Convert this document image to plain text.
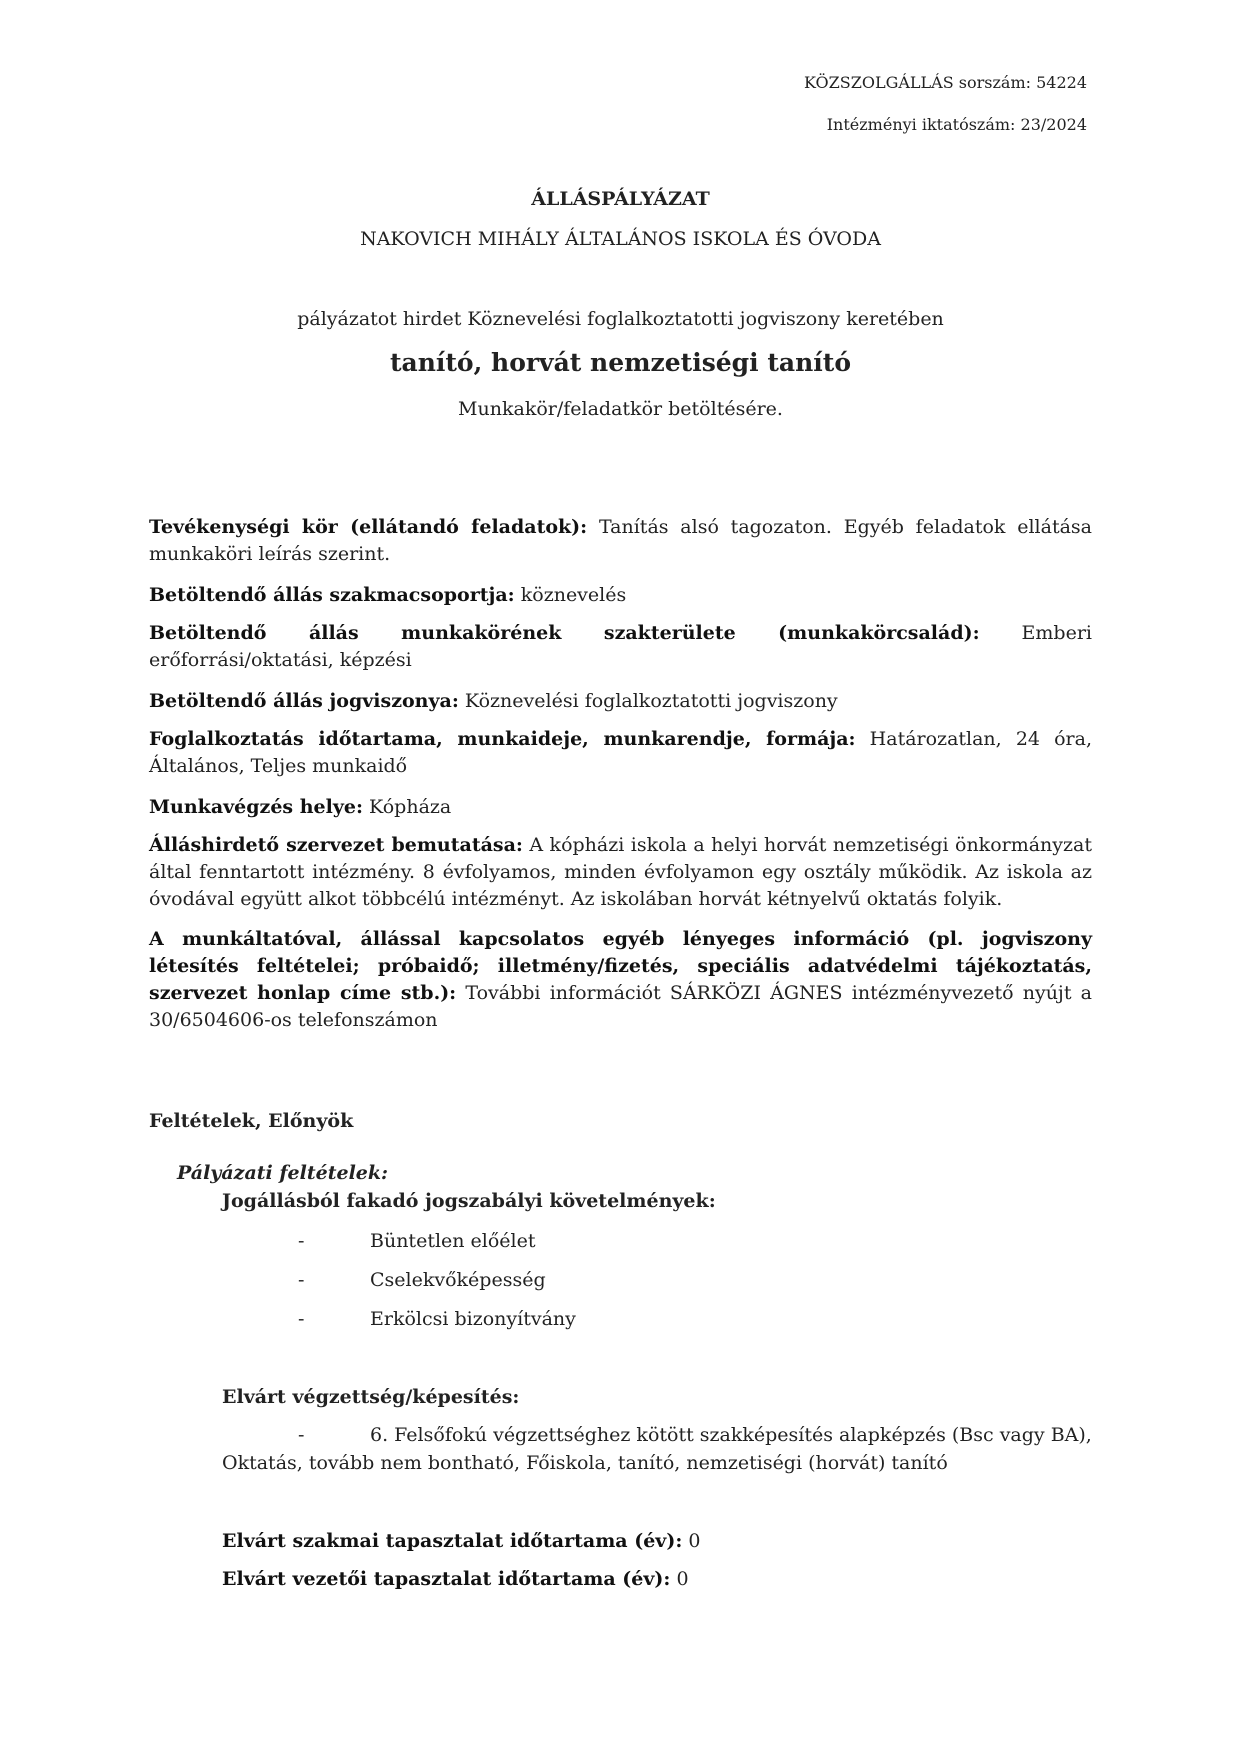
KÖZSZOLGÁLLÁS sorszám: 54224
Intézményi iktatószám: 23/2024
ÁLLÁSPÁLYÁZAT
NAKOVICH MIHÁLY ÁLTALÁNOS ISKOLA ÉS ÓVODA
pályázatot hirdet Köznevelési foglalkoztatotti jogviszony keretében
tanító, horvát nemzetiségi tanító
Munkakör/feladatkör betöltésére.
Tevékenységi kör (ellátandó feladatok): Tanítás alsó tagozaton. Egyéb feladatok ellátása munkaköri leírás szerint.
Betöltendő állás szakmacsoportja: köznevelés
Betöltendő állás munkakörének szakterülete (munkakörcsalád): Emberi erőforrási/oktatási, képzési
Betöltendő állás jogviszonya: Köznevelési foglalkoztatotti jogviszony
Foglalkoztatás időtartama, munkaideje, munkarendje, formája: Határozatlan, 24 óra, Általános, Teljes munkaidő
Munkavégzés helye: Kópháza
Álláshirdető szervezet bemutatása: A kópházi iskola a helyi horvát nemzetiségi önkormányzat által fenntartott intézmény. 8 évfolyamos, minden évfolyamon egy osztály működik. Az iskola az óvodával együtt alkot többcélú intézményt. Az iskolában horvát kétnyelvű oktatás folyik.
A munkáltatóval, állással kapcsolatos egyéb lényeges információ (pl. jogviszony létesítés feltételei; próbaidő; illetmény/fizetés, speciális adatvédelmi tájékoztatás, szervezet honlap címe stb.): További információt SÁRKÖZI ÁGNES intézményvezető nyújt a 30/6504606-os telefonszámon
Feltételek, Előnyök
Pályázati feltételek:
Jogállásból fakadó jogszabályi követelmények:
-	Büntetlen előélet
-	Cselekvőképesség
-	Erkölcsi bizonyítvány
Elvárt végzettség/képesítés:
-	6. Felsőfokú végzettséghez kötött szakképesítés alapképzés (Bsc vagy BA),
Oktatás, tovább nem bontható, Főiskola, tanító, nemzetiségi (horvát) tanító
Elvárt szakmai tapasztalat időtartama (év): 0
Elvárt vezetői tapasztalat időtartama (év): 0
